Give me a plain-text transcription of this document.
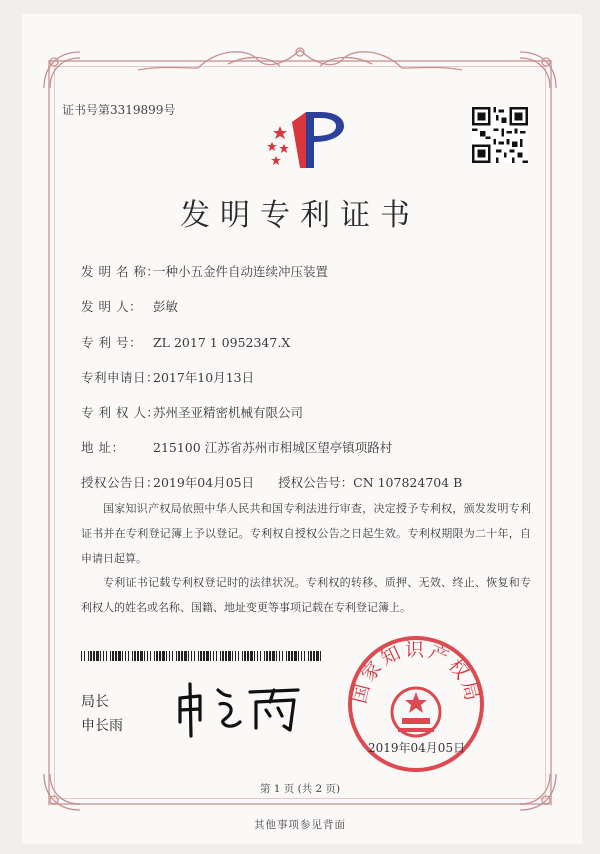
证书号第3319899号
发明专利证书
发 明 名 称：一种小五金件自动连续冲压装置
发 明 人： 彭敏
专 利 号： ZL 2017 1 0952347.X
专利申请日：2017年10月13日
专 利 权 人：苏州圣亚精密机械有限公司
地 址： 215100 江苏省苏州市相城区望亭镇项路村
授权公告日：2019年04月05日 授权公告号：CN 107824704 B
国家知识产权局依照中华人民共和国专利法进行审查，决定授予专利权，颁发发明专利证书并在专利登记簿上予以登记。专利权自授权公告之日起生效。专利权期限为二十年，自申请日起算。
专利证书记载专利权登记时的法律状况。专利权的转移、质押、无效、终止、恢复和专利权人的姓名或名称、国籍、地址变更等事项记载在专利登记簿上。
局长
申长雨
国家知识产权局
2019年04月05日
第 1 页 (共 2 页)
其他事项参见背面
